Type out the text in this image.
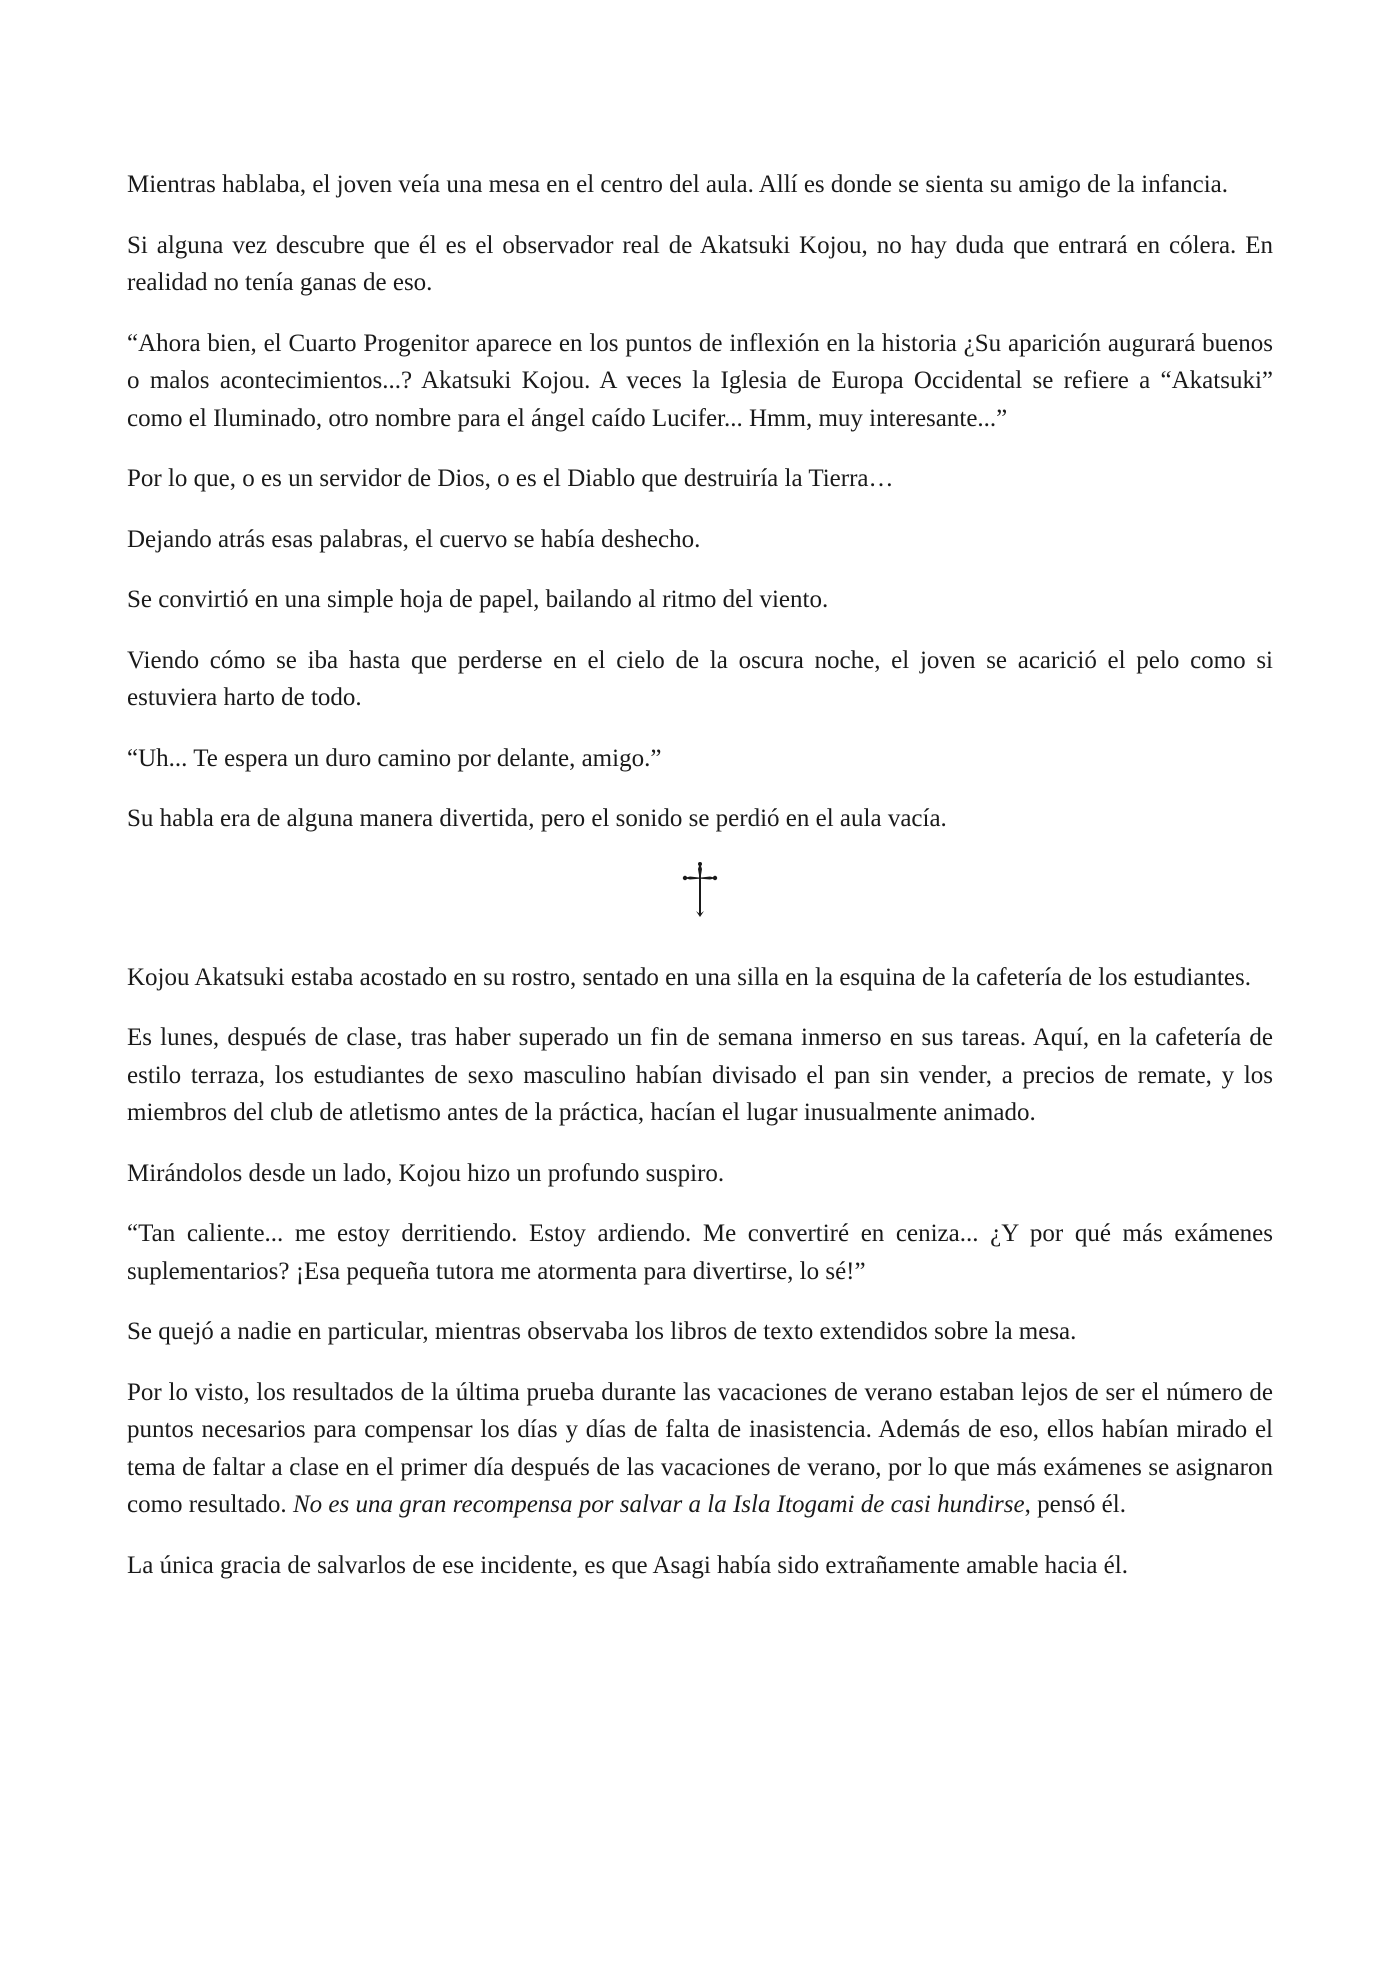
Mientras hablaba, el joven veía una mesa en el centro del aula. Allí es donde se sienta su amigo de la infancia.

Si alguna vez descubre que él es el observador real de Akatsuki Kojou, no hay duda que entrará en cólera. En realidad no tenía ganas de eso.

“Ahora bien, el Cuarto Progenitor aparece en los puntos de inflexión en la historia ¿Su aparición augurará buenos o malos acontecimientos...? Akatsuki Kojou. A veces la Iglesia de Europa Occidental se refiere a “Akatsuki” como el Iluminado, otro nombre para el ángel caído Lucifer... Hmm, muy interesante...”

Por lo que, o es un servidor de Dios, o es el Diablo que destruiría la Tierra…

Dejando atrás esas palabras, el cuervo se había deshecho.

Se convirtió en una simple hoja de papel, bailando al ritmo del viento.

Viendo cómo se iba hasta que perderse en el cielo de la oscura noche, el joven se acarició el pelo como si estuviera harto de todo.

“Uh... Te espera un duro camino por delante, amigo.”

Su habla era de alguna manera divertida, pero el sonido se perdió en el aula vacía.

Kojou Akatsuki estaba acostado en su rostro, sentado en una silla en la esquina de la cafetería de los estudiantes.

Es lunes, después de clase, tras haber superado un fin de semana inmerso en sus tareas. Aquí, en la cafetería de estilo terraza, los estudiantes de sexo masculino habían divisado el pan sin vender, a precios de remate, y los miembros del club de atletismo antes de la práctica, hacían el lugar inusualmente animado.

Mirándolos desde un lado, Kojou hizo un profundo suspiro.

“Tan caliente... me estoy derritiendo. Estoy ardiendo. Me convertiré en ceniza... ¿Y por qué más exámenes suplementarios? ¡Esa pequeña tutora me atormenta para divertirse, lo sé!”

Se quejó a nadie en particular, mientras observaba los libros de texto extendidos sobre la mesa.

Por lo visto, los resultados de la última prueba durante las vacaciones de verano estaban lejos de ser el número de puntos necesarios para compensar los días y días de falta de inasistencia. Además de eso, ellos habían mirado el tema de faltar a clase en el primer día después de las vacaciones de verano, por lo que más exámenes se asignaron como resultado. No es una gran recompensa por salvar a la Isla Itogami de casi hundirse, pensó él.

La única gracia de salvarlos de ese incidente, es que Asagi había sido extrañamente amable hacia él.
